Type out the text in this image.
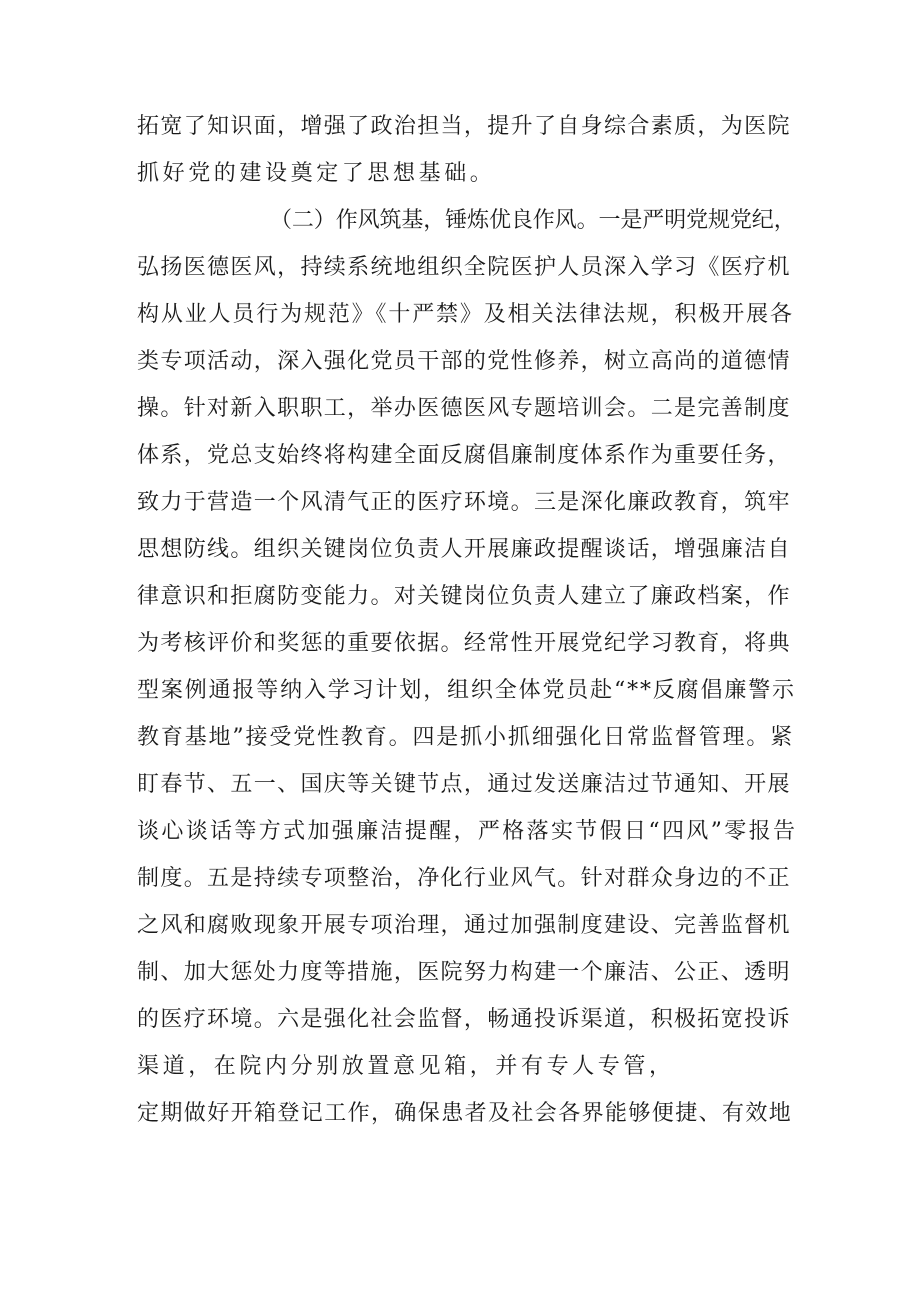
拓宽了知识面，增强了政治担当，提升了自身综合素质，为医院
抓好党的建设奠定了思想基础。
（二）作风筑基，锤炼优良作风。一是严明党规党纪，
弘扬医德医风，持续系统地组织全院医护人员深入学习《医疗机
构从业人员行为规范》《十严禁》及相关法律法规，积极开展各
类专项活动，深入强化党员干部的党性修养，树立高尚的道德情
操。针对新入职职工，举办医德医风专题培训会。二是完善制度
体系，党总支始终将构建全面反腐倡廉制度体系作为重要任务，
致力于营造一个风清气正的医疗环境。三是深化廉政教育，筑牢
思想防线。组织关键岗位负责人开展廉政提醒谈话，增强廉洁自
律意识和拒腐防变能力。对关键岗位负责人建立了廉政档案，作
为考核评价和奖惩的重要依据。经常性开展党纪学习教育，将典
型案例通报等纳入学习计划，组织全体党员赴“**反腐倡廉警示
教育基地”接受党性教育。四是抓小抓细强化日常监督管理。紧
盯春节、五一、国庆等关键节点，通过发送廉洁过节通知、开展
谈心谈话等方式加强廉洁提醒，严格落实节假日“四风”零报告
制度。五是持续专项整治，净化行业风气。针对群众身边的不正
之风和腐败现象开展专项治理，通过加强制度建设、完善监督机
制、加大惩处力度等措施，医院努力构建一个廉洁、公正、透明
的医疗环境。六是强化社会监督，畅通投诉渠道，积极拓宽投诉
渠道，在院内分别放置意见箱，并有专人专管，
定期做好开箱登记工作，确保患者及社会各界能够便捷、有效地
